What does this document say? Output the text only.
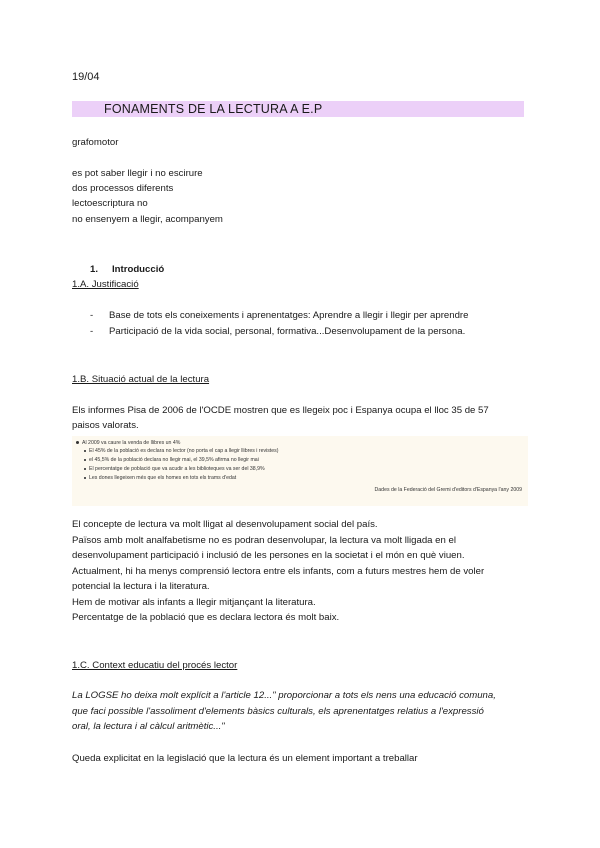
19/04
FONAMENTS DE LA LECTURA A E.P
grafomotor
es pot saber llegir i no escirure
dos processos diferents
lectoescriptura no
no ensenyem a llegir, acompanyem
1.	Introducció
1.A. Justificació
-	Base de tots els coneixements i aprenentatges: Aprendre a llegir i llegir per aprendre
-	Participació de la vida social, personal, formativa...Desenvolupament de la persona.
1.B. Situació actual de la lectura
Els informes Pisa de 2006 de l'OCDE mostren que es llegeix poc i Espanya ocupa el lloc 35 de 57
paisos valorats.
Al 2009 va caure la venda de llibres un 4%
El 45% de la població es declara no lector (no porta el cap a llegir llibres i revistes)
el 45,5% de la població declara no llegir mai, el 39,5% afirma no llegir mai
El percentatge de població que va acudir a les biblioteques va ser del 38,9%
Les dones llegeixen més que els homes en tots els trams d'edat
Dades de la Federació del Gremi d'editors d'Espanya l'any 2009
El concepte de lectura va molt lligat al desenvolupament social del país.
Països amb molt analfabetisme no es podran desenvolupar, la lectura va molt lligada en el
desenvolupament participació i inclusió de les persones en la societat i el món en què viuen.
Actualment, hi ha menys comprensió lectora entre els infants, com a futurs mestres hem de voler
potencial la lectura i la literatura.
Hem de motivar als infants a llegir mitjançant la literatura.
Percentatge de la població que es declara lectora és molt baix.
1.C. Context educatiu del procés lector
La LOGSE ho deixa molt explícit a l'article 12..." proporcionar a tots els nens una educació comuna,
que faci possible l'assoliment d'elements bàsics culturals, els aprenentatges relatius a l'expressió
oral, la lectura i al càlcul aritmètic..."
Queda explicitat en la legislació que la lectura és un element important a treballar
